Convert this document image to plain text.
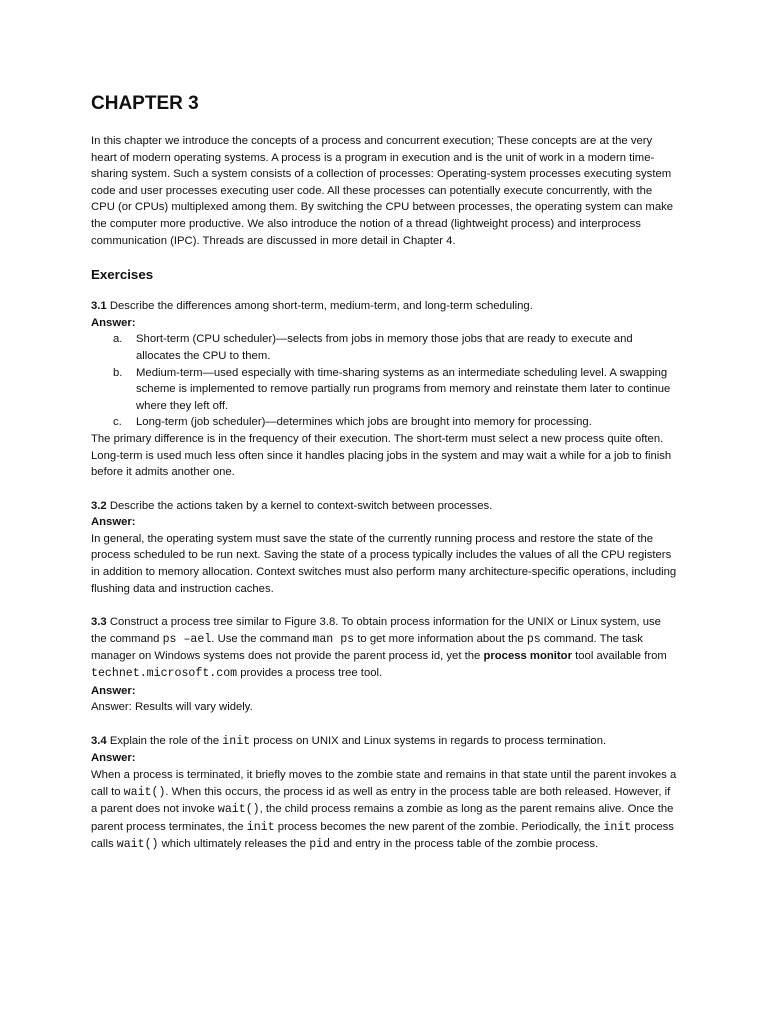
CHAPTER 3

In this chapter we introduce the concepts of a process and concurrent execution; These concepts are at the very heart of modern operating systems. A process is a program in execution and is the unit of work in a modern time-sharing system. Such a system consists of a collection of processes: Operating-system processes executing system code and user processes executing user code. All these processes can potentially execute concurrently, with the CPU (or CPUs) multiplexed among them. By switching the CPU between processes, the operating system can make the computer more productive. We also introduce the notion of a thread (lightweight process) and interprocess communication (IPC). Threads are discussed in more detail in Chapter 4.

Exercises

3.1 Describe the differences among short-term, medium-term, and long-term scheduling.

Answer:
a. Short-term (CPU scheduler)—selects from jobs in memory those jobs that are ready to execute and allocates the CPU to them.
b. Medium-term—used especially with time-sharing systems as an intermediate scheduling level. A swapping scheme is implemented to remove partially run programs from memory and reinstate them later to continue where they left off.
c. Long-term (job scheduler)—determines which jobs are brought into memory for processing.

The primary difference is in the frequency of their execution. The short-term must select a new process quite often. Long-term is used much less often since it handles placing jobs in the system and may wait a while for a job to finish before it admits another one.

3.2 Describe the actions taken by a kernel to context-switch between processes.

Answer:

In general, the operating system must save the state of the currently running process and restore the state of the process scheduled to be run next. Saving the state of a process typically includes the values of all the CPU registers in addition to memory allocation. Context switches must also perform many architecture-specific operations, including flushing data and instruction caches.

3.3 Construct a process tree similar to Figure 3.8. To obtain process information for the UNIX or Linux system, use the command ps –ael. Use the command man ps to get more information about the ps command. The task manager on Windows systems does not provide the parent process id, yet the process monitor tool available from technet.microsoft.com provides a process tree tool.

Answer:

Answer: Results will vary widely.

3.4 Explain the role of the init process on UNIX and Linux systems in regards to process termination.

Answer:

When a process is terminated, it briefly moves to the zombie state and remains in that state until the parent invokes a call to wait(). When this occurs, the process id as well as entry in the process table are both released. However, if a parent does not invoke wait(), the child process remains a zombie as long as the parent remains alive. Once the parent process terminates, the init process becomes the new parent of the zombie. Periodically, the init process calls wait() which ultimately releases the pid and entry in the process table of the zombie process.
